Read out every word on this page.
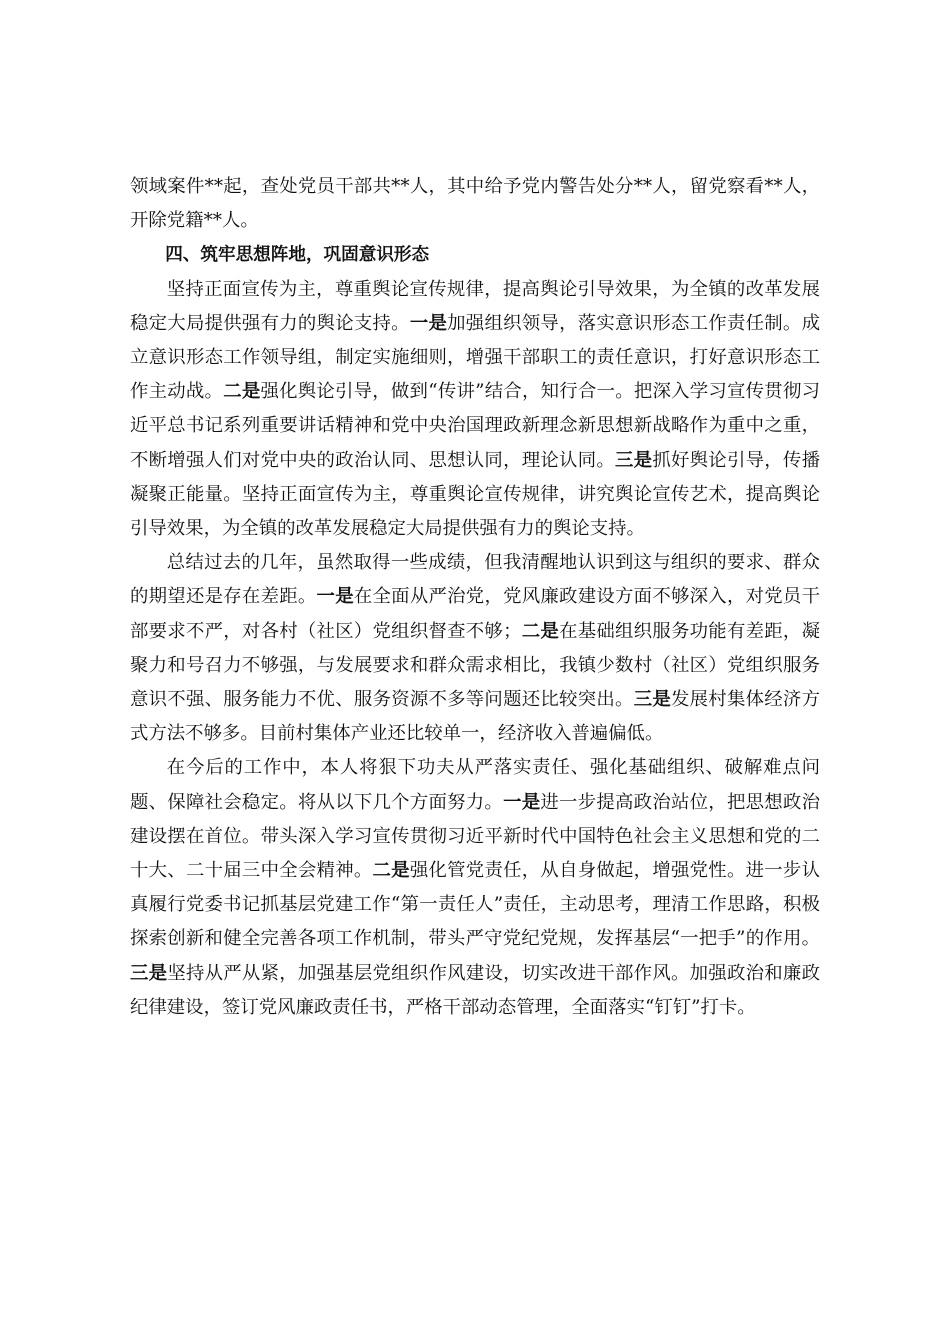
领域案件**起，查处党员干部共**人，其中给予党内警告处分**人，留党察看**人，开除党籍**人。

四、筑牢思想阵地，巩固意识形态

坚持正面宣传为主，尊重舆论宣传规律，提高舆论引导效果，为全镇的改革发展稳定大局提供强有力的舆论支持。一是加强组织领导，落实意识形态工作责任制。成立意识形态工作领导组，制定实施细则，增强干部职工的责任意识，打好意识形态工作主动战。二是强化舆论引导，做到“传讲”结合，知行合一。把深入学习宣传贯彻习近平总书记系列重要讲话精神和党中央治国理政新理念新思想新战略作为重中之重，不断增强人们对党中央的政治认同、思想认同，理论认同。三是抓好舆论引导，传播凝聚正能量。坚持正面宣传为主，尊重舆论宣传规律，讲究舆论宣传艺术，提高舆论引导效果，为全镇的改革发展稳定大局提供强有力的舆论支持。

总结过去的几年，虽然取得一些成绩，但我清醒地认识到这与组织的要求、群众的期望还是存在差距。一是在全面从严治党，党风廉政建设方面不够深入，对党员干部要求不严，对各村（社区）党组织督查不够；二是在基础组织服务功能有差距，凝聚力和号召力不够强，与发展要求和群众需求相比，我镇少数村（社区）党组织服务意识不强、服务能力不优、服务资源不多等问题还比较突出。三是发展村集体经济方式方法不够多。目前村集体产业还比较单一，经济收入普遍偏低。

在今后的工作中，本人将狠下功夫从严落实责任、强化基础组织、破解难点问题、保障社会稳定。将从以下几个方面努力。一是进一步提高政治站位，把思想政治建设摆在首位。带头深入学习宣传贯彻习近平新时代中国特色社会主义思想和党的二十大、二十届三中全会精神。二是强化管党责任，从自身做起，增强党性。进一步认真履行党委书记抓基层党建工作“第一责任人”责任，主动思考，理清工作思路，积极探索创新和健全完善各项工作机制，带头严守党纪党规，发挥基层“一把手”的作用。三是坚持从严从紧，加强基层党组织作风建设，切实改进干部作风。加强政治和廉政纪律建设，签订党风廉政责任书，严格干部动态管理，全面落实“钉钉”打卡。
